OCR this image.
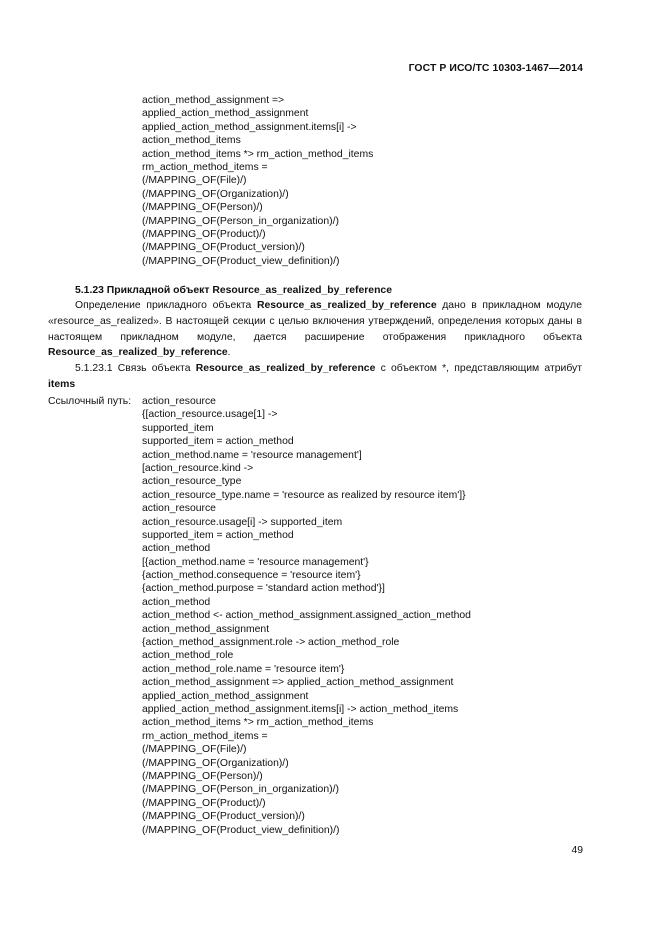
ГОСТ Р ИСО/ТС 10303-1467—2014
action_method_assignment =>
applied_action_method_assignment
applied_action_method_assignment.items[i] ->
action_method_items
action_method_items *> rm_action_method_items
rm_action_method_items =
(/MAPPING_OF(File)/)
(/MAPPING_OF(Organization)/)
(/MAPPING_OF(Person)/)
(/MAPPING_OF(Person_in_organization)/)
(/MAPPING_OF(Product)/)
(/MAPPING_OF(Product_version)/)
(/MAPPING_OF(Product_view_definition)/)
5.1.23 Прикладной объект Resource_as_realized_by_reference

Определение прикладного объекта Resource_as_realized_by_reference дано в прикладном модуле «resource_as_realized». В настоящей секции с целью включения утверждений, определения которых даны в настоящем прикладном модуле, дается расширение отображения прикладного объекта Resource_as_realized_by_reference.

5.1.23.1 Связь объекта Resource_as_realized_by_reference с объектом *, представляющим атрибут items

Ссылочный путь: action_resource
{[action_resource.usage[1] ->
supported_item
supported_item = action_method
action_method.name = 'resource management']
[action_resource.kind ->
action_resource_type
action_resource_type.name = 'resource as realized by resource item']}
action_resource
action_resource.usage[i] -> supported_item
supported_item = action_method
action_method
[{action_method.name = 'resource management'}
{action_method.consequence = 'resource item'}
{action_method.purpose = 'standard action method'}]
action_method
action_method <- action_method_assignment.assigned_action_method
action_method_assignment
{action_method_assignment.role -> action_method_role
action_method_role
action_method_role.name = 'resource item'}
action_method_assignment => applied_action_method_assignment
applied_action_method_assignment
applied_action_method_assignment.items[i] -> action_method_items
action_method_items *> rm_action_method_items
rm_action_method_items =
(/MAPPING_OF(File)/)
(/MAPPING_OF(Organization)/)
(/MAPPING_OF(Person)/)
(/MAPPING_OF(Person_in_organization)/)
(/MAPPING_OF(Product)/)
(/MAPPING_OF(Product_version)/)
(/MAPPING_OF(Product_view_definition)/)
49
